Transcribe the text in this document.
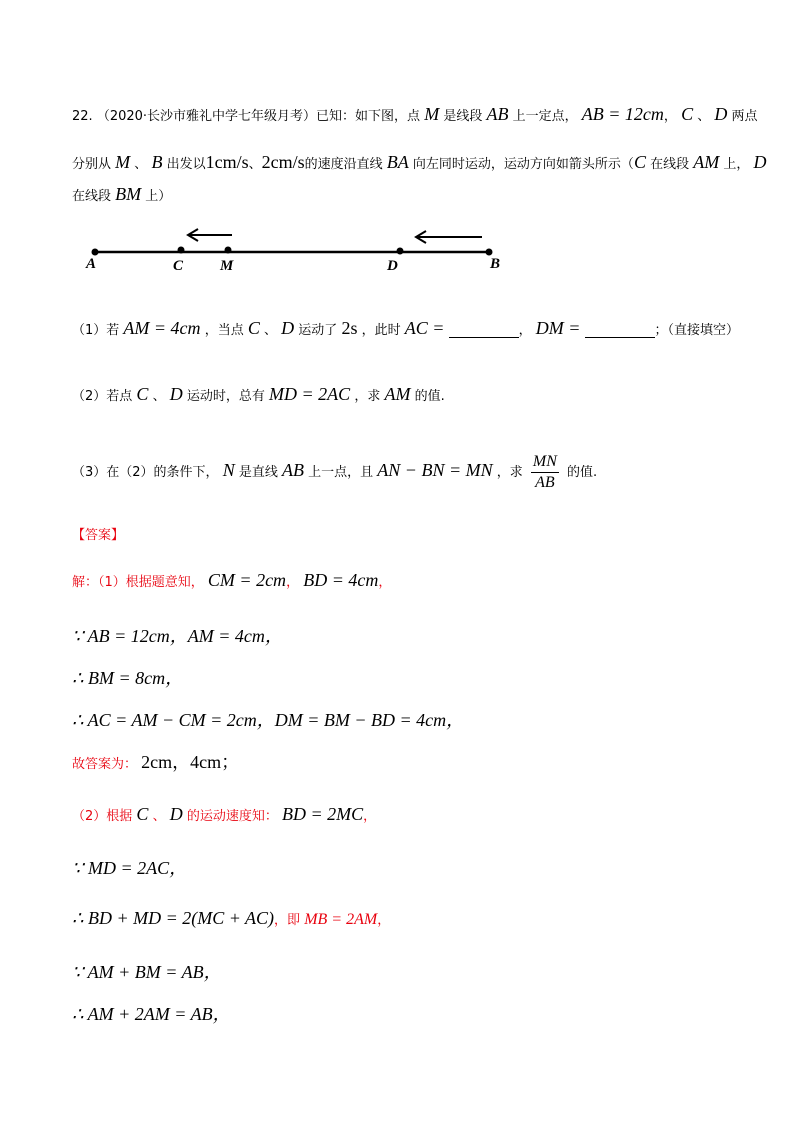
22. （2020·长沙市雅礼中学七年级月考）已知：如下图，点 M 是线段 AB 上一定点， AB = 12cm， C 、 D 两点
分别从 M 、 B 出发以1cm/s、2cm/s的速度沿直线 BA 向左同时运动，运动方向如箭头所示（C 在线段 AM 上， D
在线段 BM 上）
A	C M	D	B
（1）若 AM = 4cm ，当点 C 、 D 运动了 2s ，此时 AC =	， DM =	；（直接填空）
（2）若点 C 、 D 运动时，总有 MD = 2AC ，求 AM 的值.
（3）在（2）的条件下， N 是直线 AB 上一点，且 AN − BN = MN ，求 $\frac{MN}{AB}$ 的值.
【答案】
解：（1）根据题意知， CM = 2cm， BD = 4cm，
∵ AB = 12cm，AM = 4cm，
∴ BM = 8cm，
∴ AC = AM − CM = 2cm，DM = BM − BD = 4cm，
故答案为： 2cm，4cm；
（2）根据 C 、 D 的运动速度知： BD = 2MC，
∵ MD = 2AC，
∴ BD + MD = 2(MC + AC)，即 MB = 2AM，
∵ AM + BM = AB，
∴ AM + 2AM = AB，
